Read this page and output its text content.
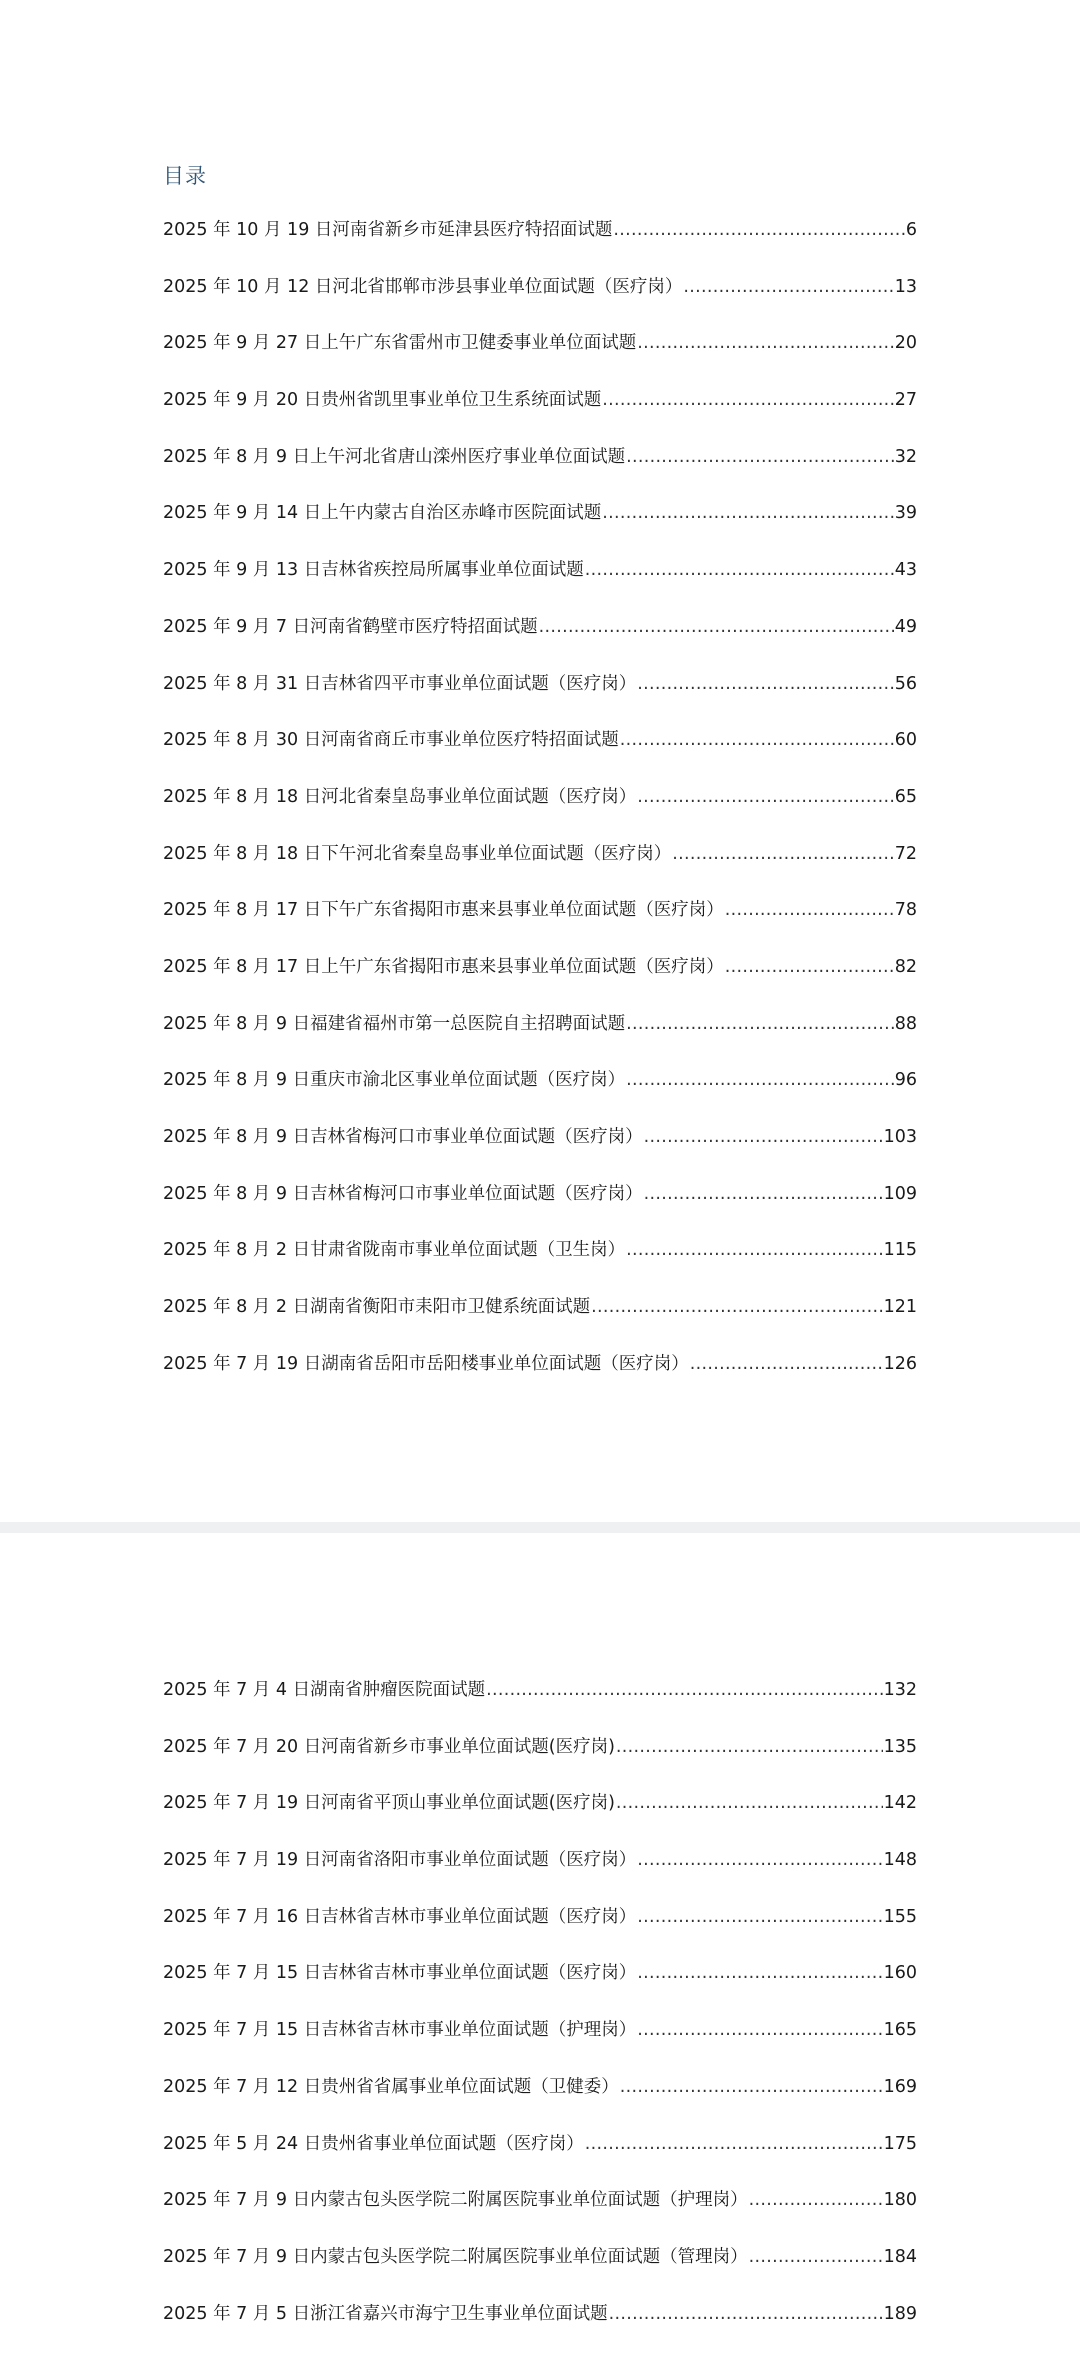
目录
2025 年 10 月 19 日河南省新乡市延津县医疗特招面试题 .....	6
2025 年 10 月 12 日河北省邯郸市涉县事业单位面试题（医疗岗） .....	13
2025 年 9 月 27 日上午广东省雷州市卫健委事业单位面试题 .....	20
2025 年 9 月 20 日贵州省凯里事业单位卫生系统面试题 .....	27
2025 年 8 月 9 日上午河北省唐山滦州医疗事业单位面试题 .....	32
2025 年 9 月 14 日上午内蒙古自治区赤峰市医院面试题 .....	39
2025 年 9 月 13 日吉林省疾控局所属事业单位面试题 .....	43
2025 年 9 月 7 日河南省鹤壁市医疗特招面试题 .....	49
2025 年 8 月 31 日吉林省四平市事业单位面试题（医疗岗） .....	56
2025 年 8 月 30 日河南省商丘市事业单位医疗特招面试题 .....	60
2025 年 8 月 18 日河北省秦皇岛事业单位面试题（医疗岗） .....	65
2025 年 8 月 18 日下午河北省秦皇岛事业单位面试题（医疗岗） .....	72
2025 年 8 月 17 日下午广东省揭阳市惠来县事业单位面试题（医疗岗） .....	78
2025 年 8 月 17 日上午广东省揭阳市惠来县事业单位面试题（医疗岗） .....	82
2025 年 8 月 9 日福建省福州市第一总医院自主招聘面试题 .....	88
2025 年 8 月 9 日重庆市渝北区事业单位面试题（医疗岗） .....	96
2025 年 8 月 9 日吉林省梅河口市事业单位面试题（医疗岗） .....	103
2025 年 8 月 9 日吉林省梅河口市事业单位面试题（医疗岗） .....	109
2025 年 8 月 2 日甘肃省陇南市事业单位面试题（卫生岗） .....	115
2025 年 8 月 2 日湖南省衡阳市耒阳市卫健系统面试题 .....	121
2025 年 7 月 19 日湖南省岳阳市岳阳楼事业单位面试题（医疗岗） .....	126
2025 年 7 月 4 日湖南省肿瘤医院面试题 .....	132
2025 年 7 月 20 日河南省新乡市事业单位面试题(医疗岗) .....	135
2025 年 7 月 19 日河南省平顶山事业单位面试题(医疗岗) .....	142
2025 年 7 月 19 日河南省洛阳市事业单位面试题（医疗岗） .....	148
2025 年 7 月 16 日吉林省吉林市事业单位面试题（医疗岗） .....	155
2025 年 7 月 15 日吉林省吉林市事业单位面试题（医疗岗） .....	160
2025 年 7 月 15 日吉林省吉林市事业单位面试题（护理岗） .....	165
2025 年 7 月 12 日贵州省省属事业单位面试题（卫健委） .....	169
2025 年 5 月 24 日贵州省事业单位面试题（医疗岗） .....	175
2025 年 7 月 9 日内蒙古包头医学院二附属医院事业单位面试题（护理岗） .....	180
2025 年 7 月 9 日内蒙古包头医学院二附属医院事业单位面试题（管理岗） .....	184
2025 年 7 月 5 日浙江省嘉兴市海宁卫生事业单位面试题 .....	189
